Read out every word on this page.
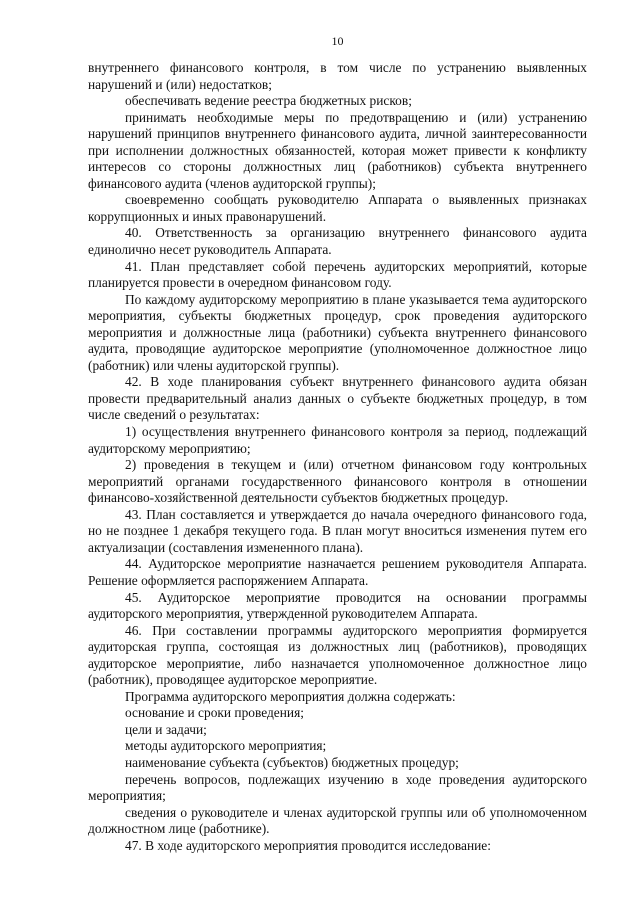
10

внутреннего финансового контроля, в том числе по устранению выявленных нарушений и (или) недостатков;

обеспечивать ведение реестра бюджетных рисков;

принимать необходимые меры по предотвращению и (или) устранению нарушений принципов внутреннего финансового аудита, личной заинтересованности при исполнении должностных обязанностей, которая может привести к конфликту интересов со стороны должностных лиц (работников) субъекта внутреннего финансового аудита (членов аудиторской группы);

своевременно сообщать руководителю Аппарата о выявленных признаках коррупционных и иных правонарушений.

40. Ответственность за организацию внутреннего финансового аудита единолично несет руководитель Аппарата.

41. План представляет собой перечень аудиторских мероприятий, которые планируется провести в очередном финансовом году.

По каждому аудиторскому мероприятию в плане указывается тема аудиторского мероприятия, субъекты бюджетных процедур, срок проведения аудиторского мероприятия и должностные лица (работники) субъекта внутреннего финансового аудита, проводящие аудиторское мероприятие (уполномоченное должностное лицо (работник) или члены аудиторской группы).

42. В ходе планирования субъект внутреннего финансового аудита обязан провести предварительный анализ данных о субъекте бюджетных процедур, в том числе сведений о результатах:

1) осуществления внутреннего финансового контроля за период, подлежащий аудиторскому мероприятию;

2) проведения в текущем и (или) отчетном финансовом году контрольных мероприятий органами государственного финансового контроля в отношении финансово-хозяйственной деятельности субъектов бюджетных процедур.

43. План составляется и утверждается до начала очередного финансового года, но не позднее 1 декабря текущего года. В план могут вноситься изменения путем его актуализации (составления измененного плана).

44. Аудиторское мероприятие назначается решением руководителя Аппарата. Решение оформляется распоряжением Аппарата.

45. Аудиторское мероприятие проводится на основании программы аудиторского мероприятия, утвержденной руководителем Аппарата.

46. При составлении программы аудиторского мероприятия формируется аудиторская группа, состоящая из должностных лиц (работников), проводящих аудиторское мероприятие, либо назначается уполномоченное должностное лицо (работник), проводящее аудиторское мероприятие.

Программа аудиторского мероприятия должна содержать:

основание и сроки проведения;

цели и задачи;

методы аудиторского мероприятия;

наименование субъекта (субъектов) бюджетных процедур;

перечень вопросов, подлежащих изучению в ходе проведения аудиторского мероприятия;

сведения о руководителе и членах аудиторской группы или об уполномоченном должностном лице (работнике).

47. В ходе аудиторского мероприятия проводится исследование:
